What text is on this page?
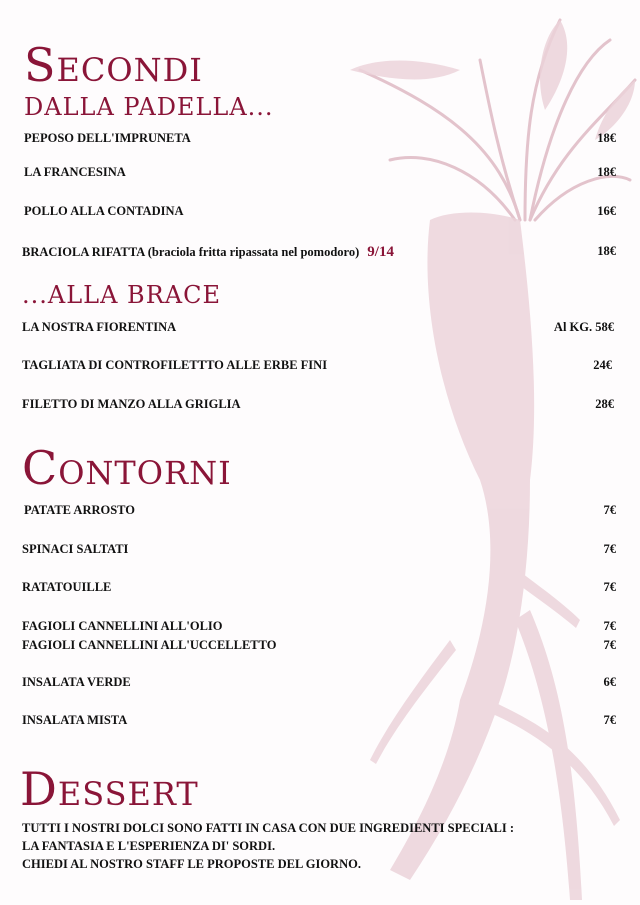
Secondi
DALLA PADELLA...
PEPOSO DELL'IMPRUNETA	18€
LA FRANCESINA	18€
POLLO ALLA CONTADINA	16€
BRACIOLA RIFATTA (braciola fritta ripassata nel pomodoro) 9/14	18€
...ALLA BRACE
LA NOSTRA FIORENTINA	Al KG. 58€
TAGLIATA DI CONTROFILETTTO ALLE ERBE FINI	24€
FILETTO DI MANZO ALLA GRIGLIA	28€
Contorni
PATATE ARROSTO	7€
SPINACI SALTATI	7€
RATATOUILLE	7€
FAGIOLI CANNELLINI ALL'OLIO	7€
FAGIOLI CANNELLINI ALL'UCCELLETTO	7€
INSALATA VERDE	6€
INSALATA MISTA	7€
Dessert
TUTTI I NOSTRI DOLCI SONO FATTI IN CASA CON DUE INGREDIENTI SPECIALI :
LA FANTASIA E L'ESPERIENZA DI' SORDI.
CHIEDI AL NOSTRO STAFF LE PROPOSTE DEL GIORNO.
